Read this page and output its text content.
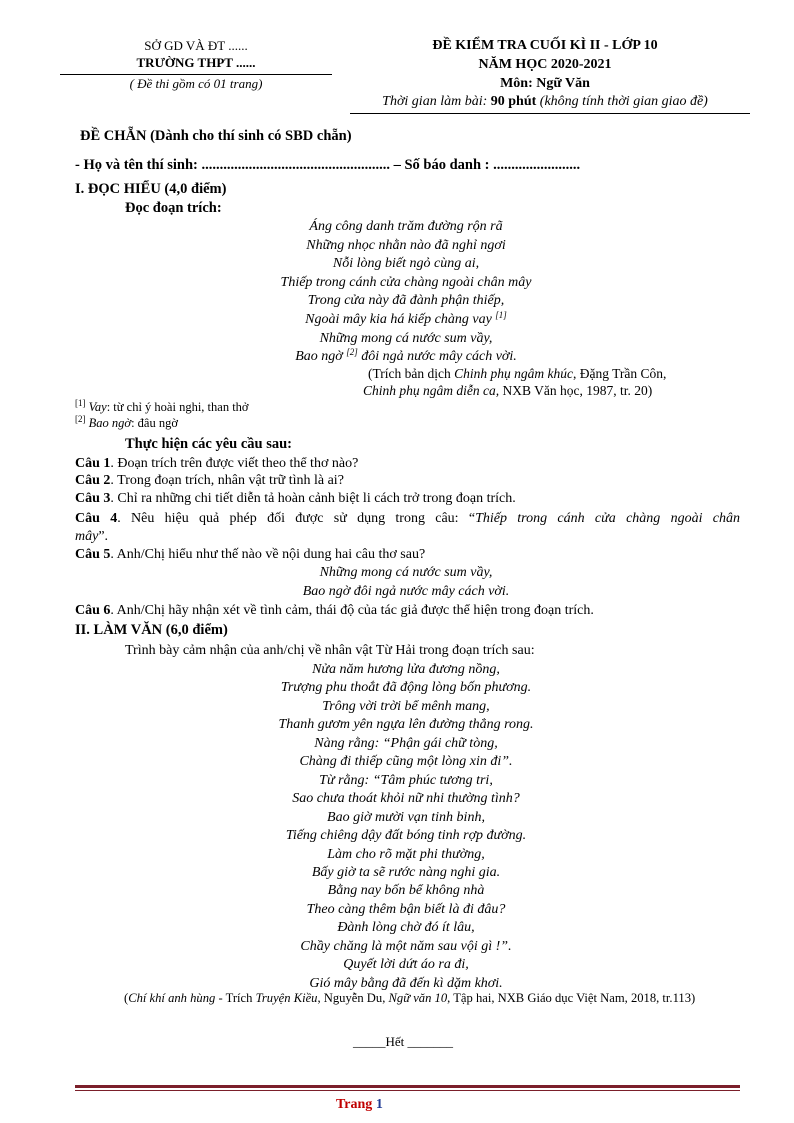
SỞ GD VÀ ĐT ......
TRƯỜNG THPT ......
( Đề thi gồm có 01 trang)
ĐỀ KIỂM TRA CUỐI KÌ II - LỚP 10
NĂM HỌC 2020-2021
Môn: Ngữ Văn
Thời gian làm bài: 90 phút (không tính thời gian giao đề)
ĐỀ CHẴN (Dành cho thí sinh có SBD chẵn)
- Họ và tên thí sinh: .................................................... – Số báo danh : ........................
I. ĐỌC HIỂU (4,0 điểm)
Đọc đoạn trích:
Áng công danh trăm đường rộn rã
Những nhọc nhằn nào đã nghỉ ngơi
Nỗi lòng biết ngỏ cùng ai,
Thiếp trong cánh cửa chàng ngoài chân mây
Trong cửa này đã đành phận thiếp,
Ngoài mây kia há kiếp chàng vay [1]
Những mong cá nước sum vầy,
Bao ngờ [2] đôi ngả nước mây cách vời.
(Trích bản dịch Chinh phụ ngâm khúc, Đặng Trần Côn,
Chinh phụ ngâm diễn ca, NXB Văn học, 1987, tr. 20)
[1] Vay: từ chỉ ý hoài nghi, than thở
[2] Bao ngờ: đâu ngờ
Thực hiện các yêu cầu sau:
Câu 1. Đoạn trích trên được viết theo thể thơ nào?
Câu 2. Trong đoạn trích, nhân vật trữ tình là ai?
Câu 3. Chỉ ra những chi tiết diễn tả hoàn cảnh biệt li cách trở trong đoạn trích.
Câu 4. Nêu hiệu quả phép đối được sử dụng trong câu: “Thiếp trong cánh cửa chàng ngoài chân
mây”.
Câu 5. Anh/Chị hiểu như thế nào về nội dung hai câu thơ sau?
Những mong cá nước sum vầy,
Bao ngờ đôi ngả nước mây cách vời.
Câu 6. Anh/Chị hãy nhận xét về tình cảm, thái độ của tác giả được thể hiện trong đoạn trích.
II. LÀM VĂN (6,0 điểm)
Trình bày cảm nhận của anh/chị về nhân vật Từ Hải trong đoạn trích sau:
Nửa năm hương lửa đương nồng,
Trượng phu thoắt đã động lòng bốn phương.
Trông vời trời bể mênh mang,
Thanh gươm yên ngựa lên đường thẳng rong.
Nàng rằng: “Phận gái chữ tòng,
Chàng đi thiếp cũng một lòng xin đi”.
Từ rằng: “Tâm phúc tương tri,
Sao chưa thoát khỏi nữ nhi thường tình?
Bao giờ mười vạn tinh binh,
Tiếng chiêng dậy đất bóng tinh rợp đường.
Làm cho rõ mặt phi thường,
Bấy giờ ta sẽ rước nàng nghi gia.
Bằng nay bốn bể không nhà
Theo càng thêm bận biết là đi đâu?
Đành lòng chờ đó ít lâu,
Chầy chăng là một năm sau vội gì !”.
Quyết lời dứt áo ra đi,
Gió mây bằng đã đến kì dặm khơi.
(Chí khí anh hùng - Trích Truyện Kiều, Nguyễn Du, Ngữ văn 10, Tập hai, NXB Giáo dục Việt Nam, 2018, tr.113)
_____Hết _______
Trang 1
